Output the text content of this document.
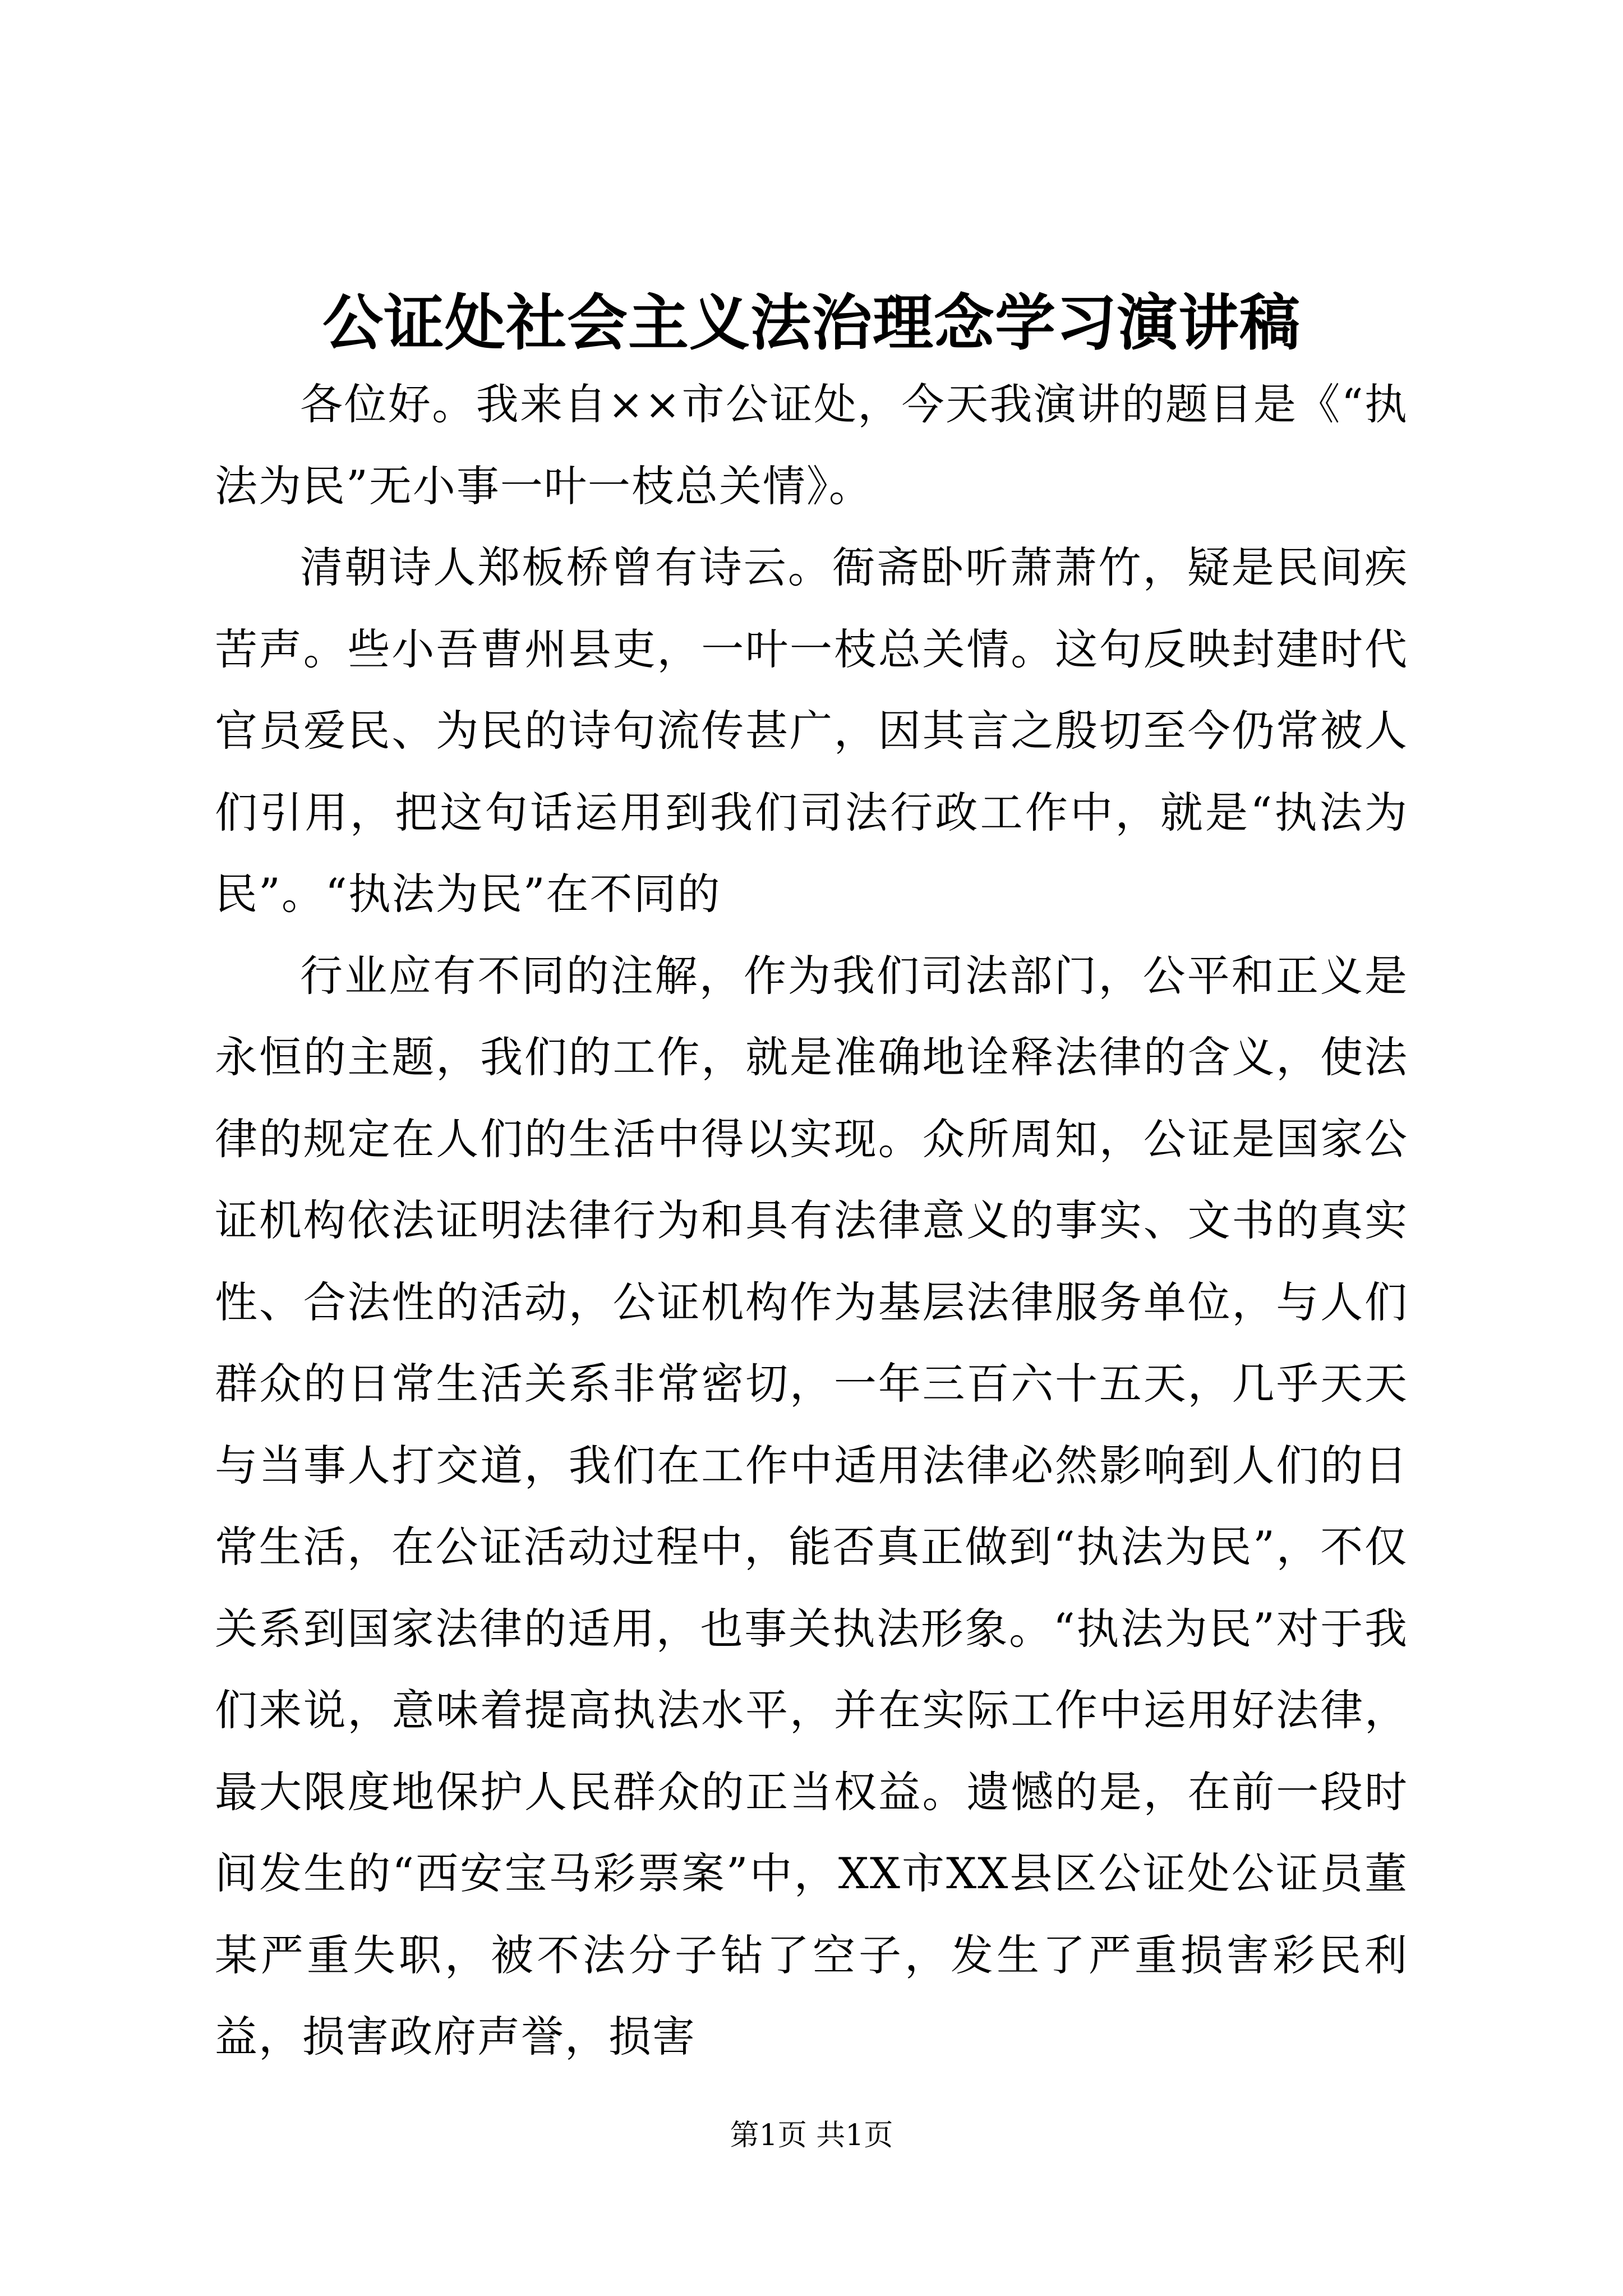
公证处社会主义法治理念学习演讲稿

各位好。我来自××市公证处，今天我演讲的题目是《“执法为民”无小事一叶一枝总关情》。

清朝诗人郑板桥曾有诗云。衙斋卧听萧萧竹，疑是民间疾苦声。些小吾曹州县吏，一叶一枝总关情。这句反映封建时代官员爱民、为民的诗句流传甚广，因其言之殷切至今仍常被人们引用，把这句话运用到我们司法行政工作中，就是“执法为民”。“执法为民”在不同的

行业应有不同的注解，作为我们司法部门，公平和正义是永恒的主题，我们的工作，就是准确地诠释法律的含义，使法律的规定在人们的生活中得以实现。众所周知，公证是国家公证机构依法证明法律行为和具有法律意义的事实、文书的真实性、合法性的活动，公证机构作为基层法律服务单位，与人们群众的日常生活关系非常密切，一年三百六十五天，几乎天天与当事人打交道，我们在工作中适用法律必然影响到人们的日常生活，在公证活动过程中，能否真正做到“执法为民”，不仅关系到国家法律的适用，也事关执法形象。“执法为民”对于我们来说，意味着提高执法水平，并在实际工作中运用好法律，最大限度地保护人民群众的正当权益。遗憾的是，在前一段时间发生的“西安宝马彩票案”中，XX市XX县区公证处公证员董某严重失职，被不法分子钻了空子，发生了严重损害彩民利益，损害政府声誉，损害

第1页 共1页
